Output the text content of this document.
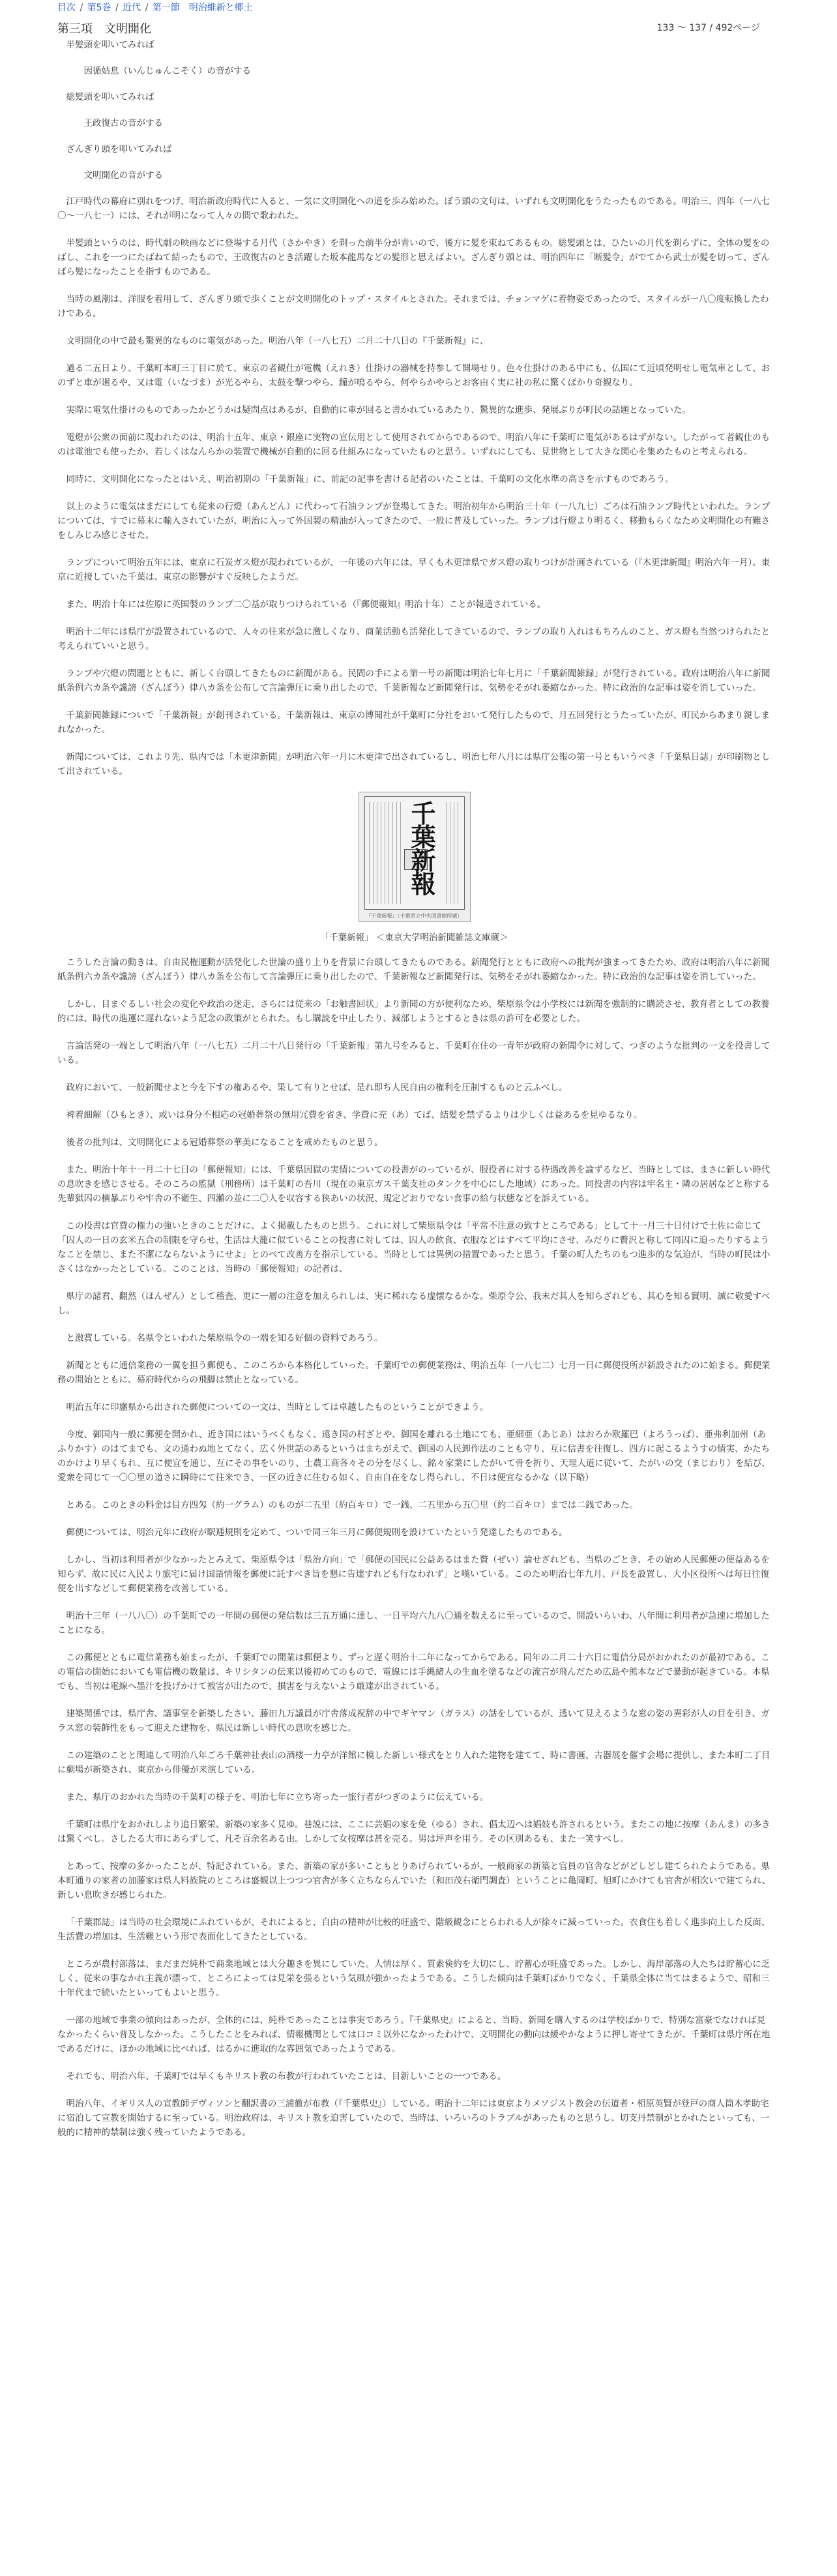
目次 / 第5巻 / 近代 / 第一節　明治維新と郷土
第三項　文明開化	133 ～ 137 / 492ページ

半髪頭を叩いてみれば

因循姑息（いんじゅんこそく）の音がする

総髪頭を叩いてみれば

王政復古の音がする

ざんぎり頭を叩いてみれば

文明開化の音がする

江戸時代の幕府に別れをつげ、明治新政府時代に入ると、一気に文明開化への道を歩み始めた。ぼう頭の文句は、いずれも文明開化をうたったものである。明治三、四年（一八七〇～一八七一）には、それが明になって人々の間で歌われた。

半髪頭というのは、時代劇の映画などに登場する月代（さかやき）を剃った前半分が青いので、後方に髪を束ねてあるもの。総髪頭とは、ひたいの月代を剃らずに、全体の髪をのばし、これを一つにたばねて結ったもので、王政復古のとき活躍した坂本龍馬などの髪形と思えばよい。ざんぎり頭とは、明治四年に「断髪令」がでてから武士が髪を切って、ざんばら髪になったことを指すものである。

当時の風潮は、洋服を着用して、ざんぎり頭で歩くことが文明開化のトップ・スタイルとされた。それまでは、チョンマゲに着物姿であったので、スタイルが一八〇度転換したわけである。

文明開化の中で最も驚異的なものに電気があった。明治八年（一八七五）二月二十八日の『千葉新報』に、

過る二五日より、千葉町本町三丁目に於て、東京の者観仕が電機（えれき）仕掛けの器械を持参して開場せり。色々仕掛けのある中にも、仏国にて近頃発明せし電気車として、おのずと車が廻るや、又は電（いなづま）が光るやら、太鼓を撃つやら、鐘が鳴るやら、何やらかやらとお客由く実に社の私に驚くばかり奇観なり。

実際に電気仕掛けのものであったかどうかは疑問点はあるが、自動的に車が回ると書かれているあたり、驚異的な進歩、発展ぶりが町民の話題となっていた。

電燈が公衆の面前に現われたのは、明治十五年、東京・銀座に実物の宣伝用として使用されてからであるので、明治八年に千葉町に電気があるはずがない。したがって者観仕のものは電池でも使ったか、若しくはなんらかの装置で機械が自動的に回る仕組みになっていたものと思う。いずれにしても、見世物として大きな関心を集めたものと考えられる。

同時に、文明開化になったとはいえ、明治初期の「千葉新報」に、前記の記事を書ける記者のいたことは、千葉町の文化水準の高さを示すものであろう。

以上のように電気はまだにしても従来の行燈（あんどん）に代わって石油ランプが登場してきた。明治初年から明治三十年（一八九七）ごろは石油ランプ時代といわれた。ランプについては、すでに幕末に輸入されていたが、明治に入って外国製の精油が入ってきたので、一般に普及していった。ランプは行燈より明るく、移動もらくなため文明開化の有難さをしみじみ感じさせた。

ランプについて明治五年には、東京に石炭ガス燈が現われているが、一年後の六年には、早くも木更津県でガス燈の取りつけが計画されている（『木更津新聞』明治六年一月）。東京に近接していた千葉は、東京の影響がすぐ反映したようだ。

また、明治十年には佐原に英国製のランプ二〇基が取りつけられている（『郵便報知』明治十年）ことが報道されている。

明治十二年には県庁が設置されているので、人々の往来が急に激しくなり、商業活動も活発化してきているので、ランプの取り入れはもちろんのこと、ガス燈も当然つけられたと考えられていいと思う。

ランプや穴燈の問題とともに、新しく台頭してきたものに新聞がある。民間の手による第一号の新聞は明治七年七月に「千葉新聞雑録」が発行されている。政府は明治八年に新聞紙条例六カ条や讒謗（ざんぼう）律八カ条を公布して言論弾圧に乗り出したので、千葉新報など新聞発行は、気勢をそがれ萎縮なかった。特に政治的な記事は姿を消していった。

千葉新聞雑録についで「千葉新報」が創刊されている。千葉新報は、東京の博聞社が千葉町に分社をおいて発行したもので、月五回発行とうたっていたが、町民からあまり親しまれなかった。

新聞については、これより先、県内では「木更津新聞」が明治六年一月に木更津で出されているし、明治七年八月には県庁公報の第一号ともいうべき「千葉県日誌」が印刷物として出されている。

千葉新報
『千葉新報』（千葉県立中央図書館所蔵）
「千葉新報」 ＜東京大学明治新聞雑誌文庫蔵＞

こうした言論の動きは、自由民権運動が活発化した世論の盛り上りを背景に台頭してきたものである。新聞発行とともに政府への批判が強まってきたため、政府は明治八年に新聞紙条例六カ条や讒謗（ざんぼう）律八カ条を公布して言論弾圧に乗り出したので、千葉新報など新聞発行は、気勢をそがれ萎縮なかった。特に政治的な記事は姿を消していった。

しかし、目まぐるしい社会の変化や政治の迷走、さらには従来の「お触書回状」より新聞の方が便利なため、柴原県令は小学校には新聞を強制的に購読させ、教育者としての教養的には、時代の進運に遅れないよう記念の政策がとられた。もし購読を中止したり、減部しようとするときは県の許可を必要とした。

言論活発の一端として明治八年（一八七五）二月二十八日発行の「千葉新報」第九号をみると、千葉町在住の一青年が政府の新聞令に対して、つぎのような批判の一文を投書している。

政府において、一般新聞せよと今を下すの権あるや、果して有りとせば、是れ即ち人民自由の権利を圧制するものと云ふべし。

裨着細解（ひもとき）、或いは身分不相応の冠婚葬祭の無用冗費を省き、学費に充（あ）てば、結髪を禁ずるよりは少しくは益あるを見ゆるなり。

後者の批判は、文明開化による冠婚葬祭の華美になることを戒めたものと思う。

また、明治十年十一月二十七日の「郵便報知」には、千葉県因獄の実情についての投書がのっているが、服役者に対する待遇改善を論ずるなど、当時としては、まさに新しい時代の息吹きを感じさせる。そのころの監獄（刑務所）は千葉町の吾川（現在の東京ガス千葉支社のタンクを中心にした地域）にあった。同投書の内容は牢名主・隣の居居などと称する先輩獄囚の横暴ぶりや牢舎の不衛生、四瀬の並に二〇人を収容する狭あいの状況、規定どおりでない食事の給与状態などを訴えている。

この投書は官費の権力の強いときのことだけに、よく掲載したものと思う。これに対して柴原県令は「平常不注意の致すところである」として十一月三十日付けで土佐に命じて「囚人の一日の玄米五合の制限を守らせ、生活は大籠に似ていることの投書に対しては、囚人の飲食、衣服などはすべて平均にさせ、みだりに贅沢と称して同囚に迫ったりするようなことを禁じ、また不潔にならないようにせよ」とのべて改善方を指示している。当時としては異例の措置であったと思う。千葉の町人たちのもつ進歩的な気迫が、当時の町民は小さくはなかったとしている。このことは、当時の「郵便報知」の記者は、

県庁の諸君、翻然（ほんぜん）として稽査、更に一層の注意を加えられしは、実に稀れなる虚懐なるかな。柴原令公、我未だ其人を知らざれども、其心を知る賢明、誠に敬愛すべし。

と激賞している。名県令といわれた柴原県令の一端を知る好個の資料であろう。

新聞とともに通信業務の一翼を担う郵便も、このころから本格化していった。千葉町での郵便業務は、明治五年（一八七二）七月一日に郵便役所が新設されたのに始まる。郵便業務の開始とともに、幕府時代からの飛脚は禁止となっている。

明治五年に印旛県から出された郵便についての一文は、当時としては卓越したものということができよう。

今度、御国内一般に郵便を開かれ、近き国にはいうべくもなく、遠き国の村ざとや、御国を離れる土地にても、亜細亜（あじあ）はおろか欧羅巴（よろうっぱ）、亜弗利加州（あふりかす）のはてまでも、文の通わぬ地とてなく、広く外世話のあるというはまちがえで、御国の人民卸作法のことも守り、互に信書を往復し、四方に起こるようすの情実、かたちのかけより早くもれ、互に便宜を通じ、互にその事をいのり、士農工商各々その分を尽くし、銘々家業にしたがいて骨を折り、天理人道に従いて、たがいの交（まじわり）を結び、愛衆を同じて一〇〇里の道さに瞬時にて往来でき、一区の近きに住むる如く、自由自在をなし得られし、不日は便宜なるかな（以下略）

とある。このときの料金は目方四匁（約一グラム）のものが二五里（約百キロ）で一銭、二五里から五〇里（約二百キロ）までは二銭であった。

郵便については、明治元年に政府が駅逓規則を定めて、ついで同三年三月に郵便規則を設けていたという発達したものである。

しかし、当初は利用者が少なかったとみえて、柴原県令は「県治方向」で「郵便の国民に公益あるはまた贅（ぜい）論せざれども、当県のごとき、その始め人民郵便の便益あるを知らず、故に民に入民より旅宅に届け国語情報を郵便に託すべき旨を懇に告達すれども行なわれず」と嘆いている。このため明治七年九月、戸長を設置し、大小区役所へは毎日往復便を出すなどして郵便業務を改善している。

明治十三年（一八八〇）の千葉町での一年間の郵便の発信数は三五万通に達し、一日平均六九八〇通を数えるに至っているので、開設いらいわ、八年間に利用者が急速に増加したことになる。

この郵便とともに電信業務も始まったが、千葉町での開業は郵便より、ずっと遅く明治十二年になってからである。同年の二月二十六日に電信分局がおかれたのが最初である。この電信の開始においても電信機の数量は、キリシタンの伝来以後初めてのもので、電線には手縄緒人の生血を塗るなどの流言が飛んだため広島や熊本などで暴動が起きている。本県でも、当初は電線へ墨汁を投げかけて被害が出たので、損害を与えないよう厳達が出されている。

建築関係では、県庁舎、議事堂を新築したさい、藤田九万議員が庁舎落成祝辞の中でギヤマン（ガラス）の話をしているが、透いて見えるような窓の姿の異彩が人の目を引き、ガラス窓の装飾性をもって迎えた建物を、県民は新しい時代の息吹を感じた。

この建築のことと関連して明治八年ごろ千葉神社表山の酒楼一力亭が洋館に模した新しい様式をとり入れた建物を建てて、時に書画、古器展を催す会場に提供し、また本町二丁目に劇場が新築され、東京から俳優が来演している。

また、県庁のおかれた当時の千葉町の様子を、明治七年に立ち寄った一旅行者がつぎのように伝えている。

千葉町は県庁をおかれしより追日繁栄、新築の家多く見ゆ。巷説には、ここに芸娼の家を免（ゆる）され、倡太辺へは娼妓も許されるという。またこの地に按摩（あんま）の多きは驚くべし。さしたる大市にあらずして、凡そ百余名ある由。しかして女按摩は甚を売る。男は坪声を用う。その区別あるも、また一笑すべし。

とあって、按摩の多かったことが、特記されている。また、新築の家が多いこともとりあげられているが、一般商家の新築と官員の官舎などがどしどし建てられたようである。県本町通りの家者の加藤家は県人料族院のところは盛観以上つつつ官舎が多く立ちならんでいた（和田茂右衛門調査）ということに亀岡町、旭町にかけても官舎が相次いで建てられ、新しい息吹きが感じられた。

「千葉郡誌」は当時の社会環境にふれているが、それによると、自由の精神が比較的旺盛で、階級観念にとらわれる人が徐々に減っていった。衣食住も着しく進歩向上した反面、生活費の増加は、生活難という形で表面化してきたとしている。

ところが農村部落は、まだまだ純朴で商業地域とは大分趣きを異にしていた。人情は厚く、質素倹約を大切にし、貯蓄心が旺盛であった。しかし、海岸部落の人たちは貯蓄心に乏しく、従来の事なかれ主義が漂って、ところによっては見栄を張るという気風が強かったようである。こうした傾向は千葉町ばかりでなく、千葉県全体に当てはまるようで、昭和三十年代まで続いたといってもよいと思う。

一部の地域で事業の傾向はあったが、全体的には、純朴であったことは事実であろう。『千葉県史』によると、当時、新聞を購入するのは学校ばかりで、特別な富豪でなければ見なかったくらい普及しなかった。こうしたことをみれば、情報機関としては口コミ以外になかったわけで、文明開化の動向は緩やかなように押し寄せてきたが、千葉町は県庁所在地であるだけに、ほかの地域に比べれば、はるかに進取的な雰囲気であったようである。

それでも、明治六年、千葉町では早くもキリスト教の布教が行われていたことは、目新しいことの一つである。

明治八年、イギリス人の宣教師デヴィソンと翻訳書の三浦徹が布教（『千葉県史』）している。明治十二年には東京よりメソジスト教会の伝道者・相原英賢が登戸の商人筒木孝助宅に宿泊して宣教を開始するに至っている。明治政府は、キリスト教を迫害していたので、当時は、いろいろのトラブルがあったものと思うし、切支丹禁制がとかれたといっても、一般的に精神的禁制は強く残っていたようである。
